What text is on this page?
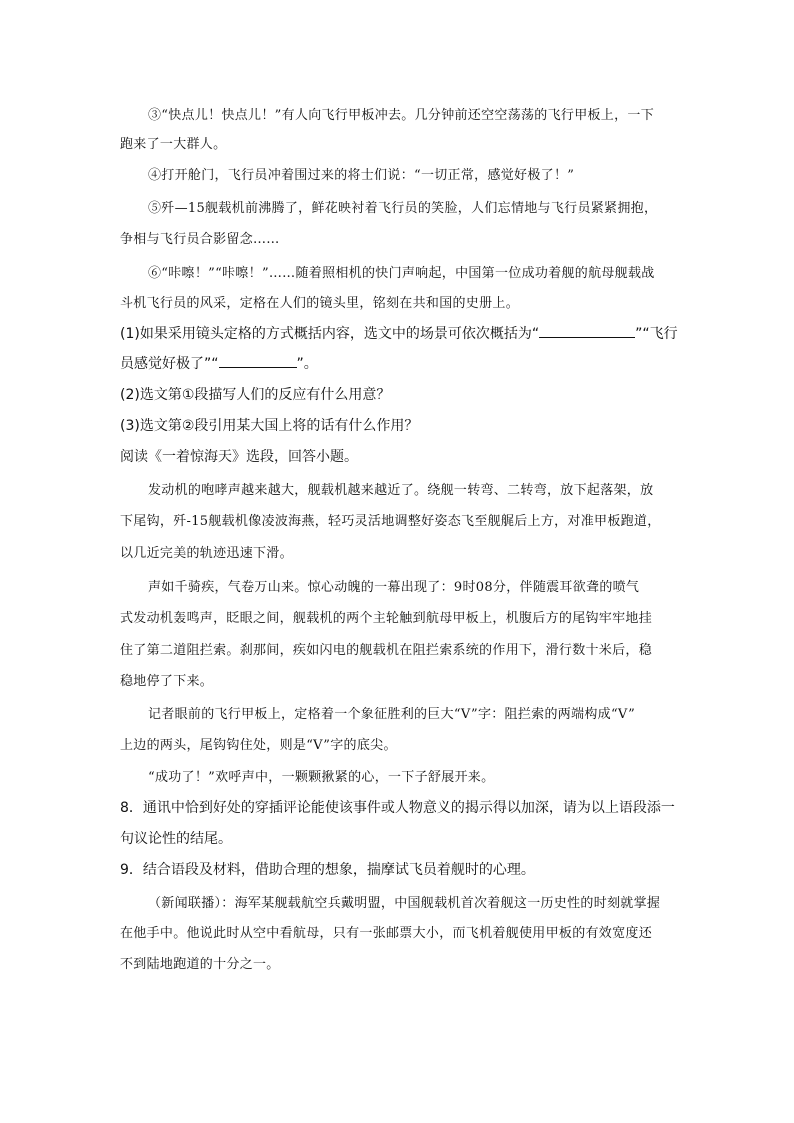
③“快点儿！快点儿！”有人向飞行甲板冲去。几分钟前还空空荡荡的飞行甲板上，一下
跑来了一大群人。
④打开舱门，飞行员冲着围过来的将士们说：“一切正常，感觉好极了！”
⑤歼—15舰载机前沸腾了，鲜花映衬着飞行员的笑脸，人们忘情地与飞行员紧紧拥抱，
争相与飞行员合影留念……
⑥“咔嚓！”“咔嚓！”……随着照相机的快门声响起，中国第一位成功着舰的航母舰载战
斗机飞行员的风采，定格在人们的镜头里，铭刻在共和国的史册上。
(1)如果采用镜头定格的方式概括内容，选文中的场景可依次概括为“	”“飞行
员感觉好极了”“	”。
(2)选文第①段描写人们的反应有什么用意？
(3)选文第②段引用某大国上将的话有什么作用？
阅读《一着惊海天》选段，回答小题。
发动机的咆哮声越来越大，舰载机越来越近了。绕舰一转弯、二转弯，放下起落架，放
下尾钩，歼-15舰载机像凌波海燕，轻巧灵活地调整好姿态飞至舰艉后上方，对准甲板跑道，
以几近完美的轨迹迅速下滑。
声如千骑疾，气卷万山来。惊心动魄的一幕出现了：9时08分，伴随震耳欲聋的喷气
式发动机轰鸣声，眨眼之间，舰载机的两个主轮触到航母甲板上，机腹后方的尾钩牢牢地挂
住了第二道阻拦索。刹那间，疾如闪电的舰载机在阻拦索系统的作用下，滑行数十米后，稳
稳地停了下来。
记者眼前的飞行甲板上，定格着一个象征胜利的巨大“V”字：阻拦索的两端构成“V”
上边的两头，尾钩钩住处，则是“V”字的底尖。
“成功了！”欢呼声中，一颗颗揪紧的心，一下子舒展开来。
8．通讯中恰到好处的穿插评论能使该事件或人物意义的揭示得以加深，请为以上语段添一
句议论性的结尾。
9．结合语段及材料，借助合理的想象，揣摩试飞员着舰时的心理。
（新闻联播）：海军某舰载航空兵戴明盟，中国舰载机首次着舰这一历史性的时刻就掌握
在他手中。他说此时从空中看航母，只有一张邮票大小，而飞机着舰使用甲板的有效宽度还
不到陆地跑道的十分之一。
